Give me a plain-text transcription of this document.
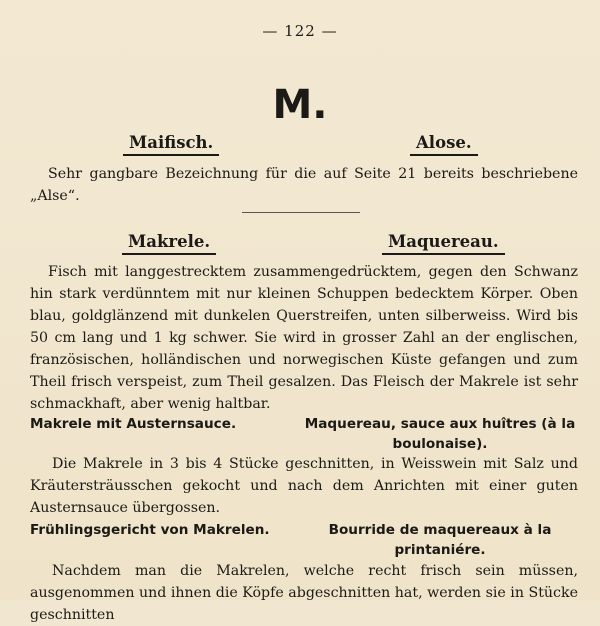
— 122 —
M.
Maifisch.	Alose.
Sehr gangbare Bezeichnung für die auf Seite 21 bereits beschriebene „Alse“.
Makrele.	Maquereau.
Fisch mit langgestrecktem zusammengedrücktem, gegen den Schwanz hin stark verdünntem mit nur kleinen Schuppen bedecktem Körper. Oben blau, goldglänzend mit dunkelen Querstreifen, unten silberweiss. Wird bis 50 cm lang und 1 kg schwer. Sie wird in grosser Zahl an der englischen, französischen, holländischen und norwegischen Küste gefangen und zum Theil frisch verspeist, zum Theil gesalzen. Das Fleisch der Makrele ist sehr schmackhaft, aber wenig haltbar.
Makrele mit Austernsauce.	Maquereau, sauce aux huîtres (à la
boulonaise).
Die Makrele in 3 bis 4 Stücke geschnitten, in Weisswein mit Salz und Kräutersträusschen gekocht und nach dem Anrichten mit einer guten Austernsauce übergossen.
Frühlingsgericht von Makrelen.	Bourride de maquereaux à la
printaniére.
Nachdem man die Makrelen, welche recht frisch sein müssen, ausgenommen und ihnen die Köpfe abgeschnitten hat, werden sie in Stücke geschnitten
